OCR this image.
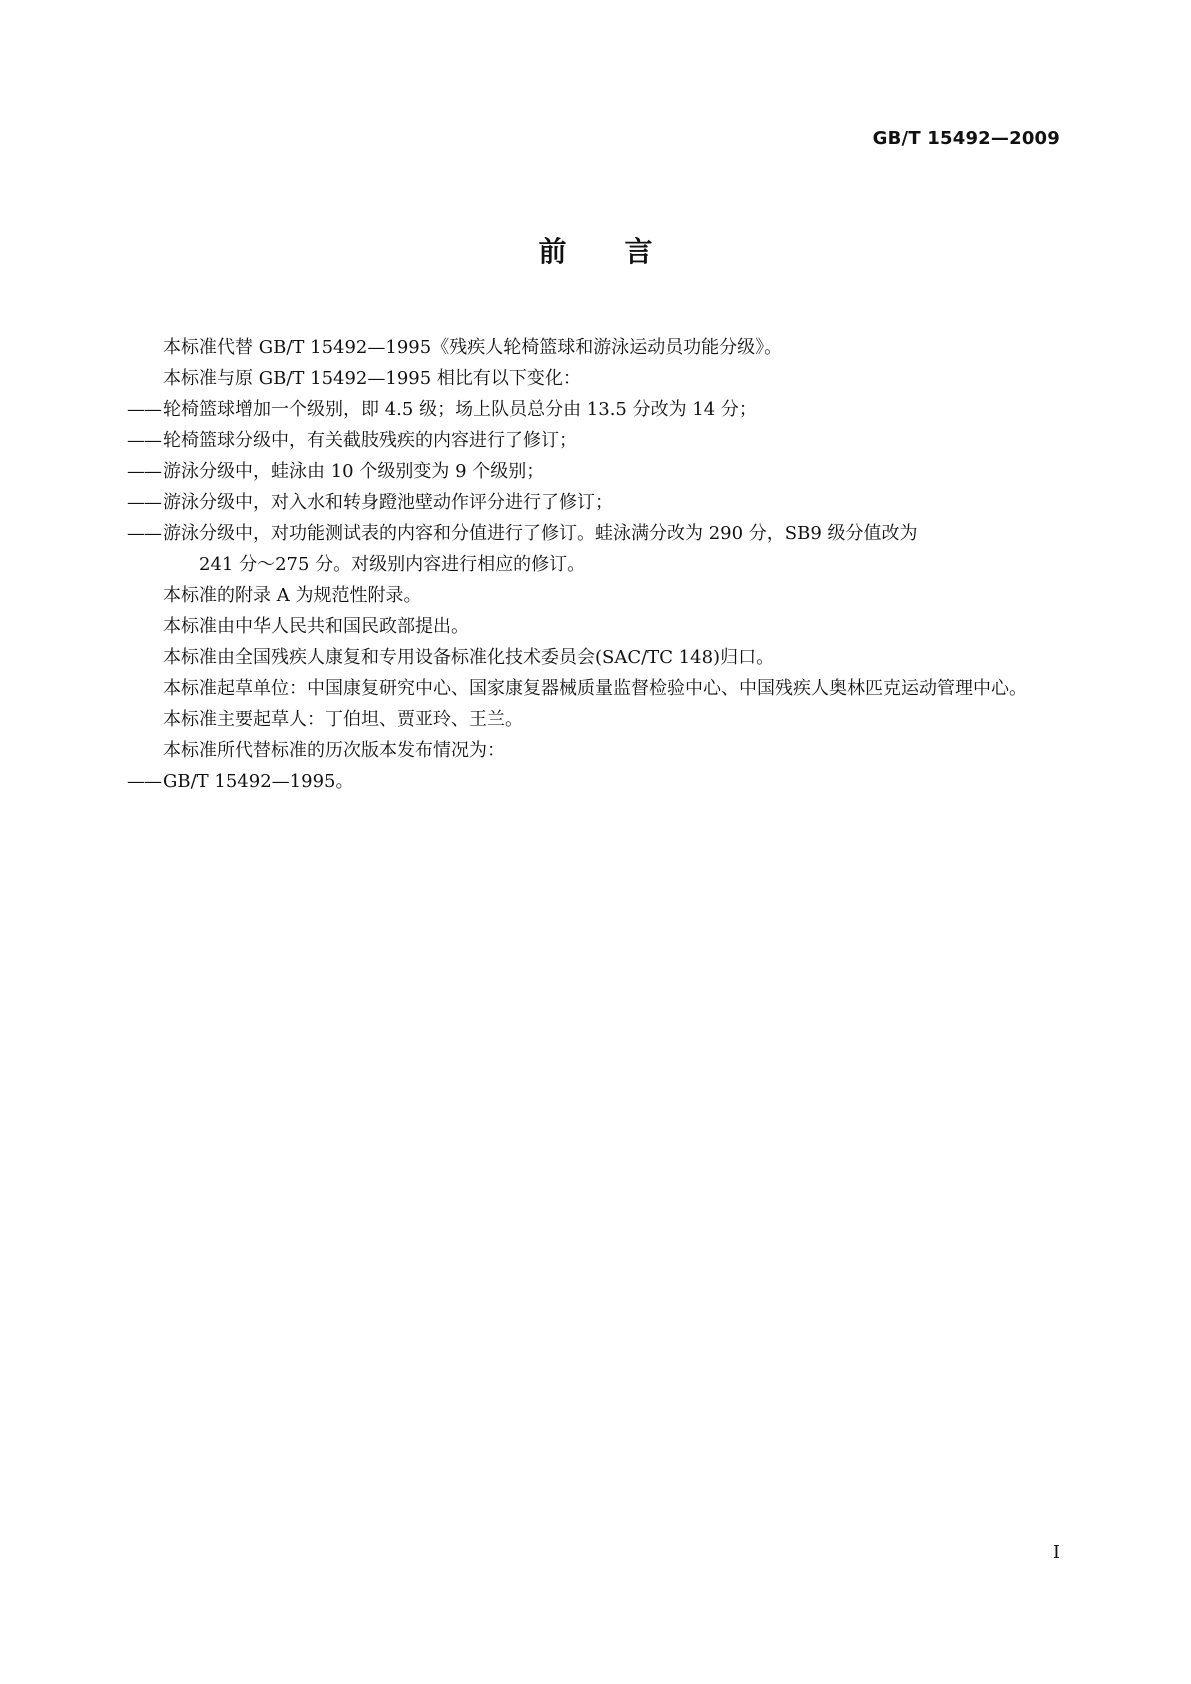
GB/T 15492—2009
前言

本标准代替 GB/T 15492—1995《残疾人轮椅篮球和游泳运动员功能分级》。

本标准与原 GB/T 15492—1995 相比有以下变化：

—— 轮椅篮球增加一个级别，即 4.5 级；场上队员总分由 13.5 分改为 14 分；

—— 轮椅篮球分级中，有关截肢残疾的内容进行了修订；

—— 游泳分级中，蛙泳由 10 个级别变为 9 个级别；

—— 游泳分级中，对入水和转身蹬池壁动作评分进行了修订；

—— 游泳分级中，对功能测试表的内容和分值进行了修订。蛙泳满分改为 290 分，SB9 级分值改为
241 分～275 分。对级别内容进行相应的修订。

本标准的附录 A 为规范性附录。

本标准由中华人民共和国民政部提出。

本标准由全国残疾人康复和专用设备标准化技术委员会(SAC/TC 148)归口。

本标准起草单位：中国康复研究中心、国家康复器械质量监督检验中心、中国残疾人奥林匹克运动管理中心。

本标准主要起草人：丁伯坦、贾亚玲、王兰。

本标准所代替标准的历次版本发布情况为：

—— GB/T 15492—1995。

I
